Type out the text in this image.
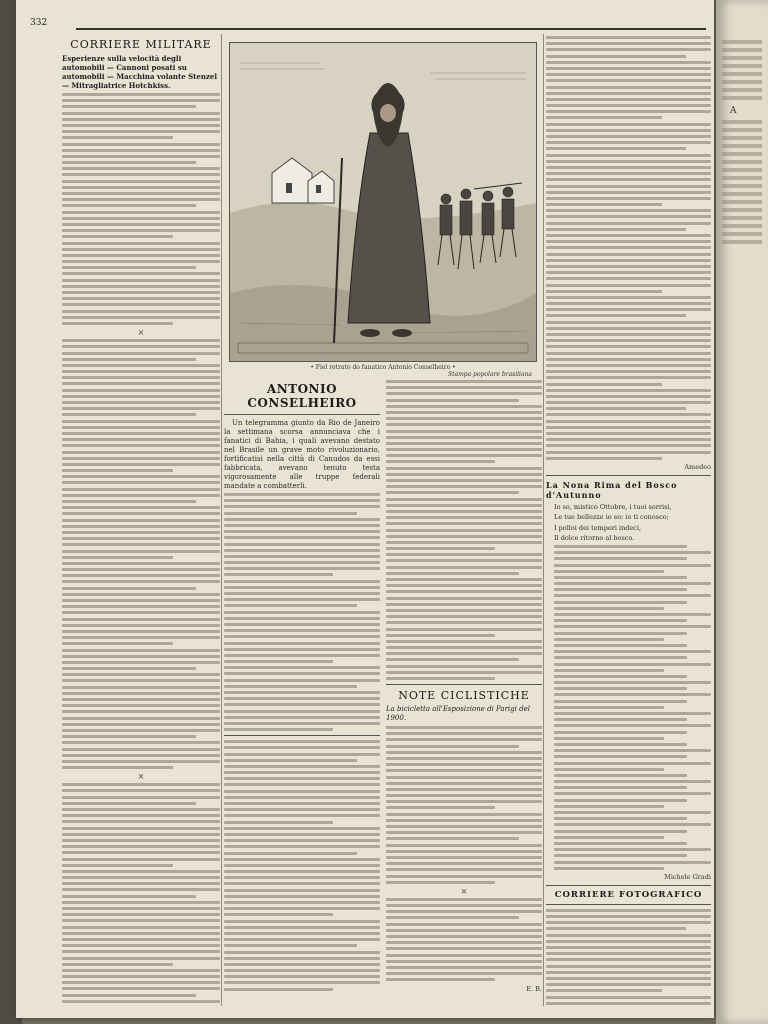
332
CORRIERE MILITARE
Esperienze sulla velocità degli automobili — Cannoni posati su automobili — Macchina volante Stenzel — Mitragliatrice Hotchkiss.
×
×
• Fiel retrato do fanatico Antonio Conselheiro •
Stampa popolare brasiliana
ANTONIO CONSELHEIRO
Un telegramma giunto da Rio de Janeiro la settimana scorsa annunciava che i fanatici di Bahia, i quali avevano destato nel Brasile un grave moto rivoluzionario, fortificatisi nella città di Canudos da essi fabbricata, avevano tenuto testa vigorosamente alle truppe federali mandate a combatterli.
NOTE CICLISTICHE
La bicicletta all'Esposizione di Parigi del 1900.
×
E. B.
Amedeo
La Nona Rima del Bosco d'Autunno
Io so, mistico Ottobre, i tuoi sorrisi,
Le tue bellezze io so: io ti conosco;
I polloi dei tempori indeci,
Il dolce ritorno al bosco.
Michele Gradi
CORRIERE FOTOGRAFICO
A
